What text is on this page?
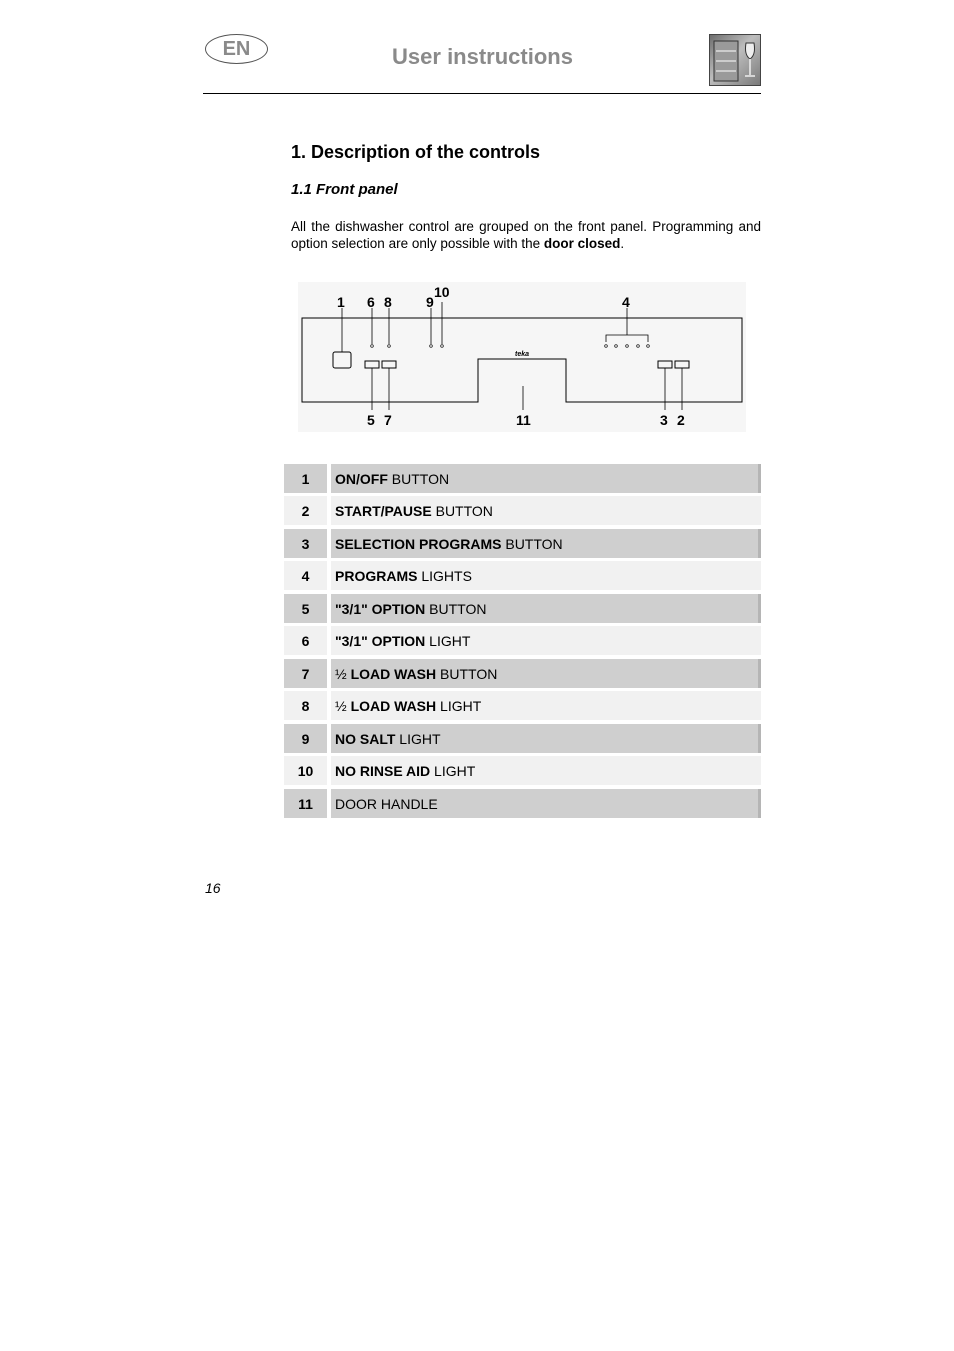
EN	User instructions
1. Description of the controls
1.1 Front panel
All the dishwasher control are grouped on the front panel. Programming and option selection are only possible with the door closed.
teka
1 6 8 9
10
4
5 7	11	3 2
1	ON/OFF BUTTON
2	START/PAUSE BUTTON
3	SELECTION PROGRAMS BUTTON
4	PROGRAMS LIGHTS
5	"3/1" OPTION BUTTON
6	"3/1" OPTION LIGHT
7	½ LOAD WASH BUTTON
8	½ LOAD WASH LIGHT
9	NO SALT LIGHT
10	NO RINSE AID LIGHT
11	DOOR HANDLE
16
